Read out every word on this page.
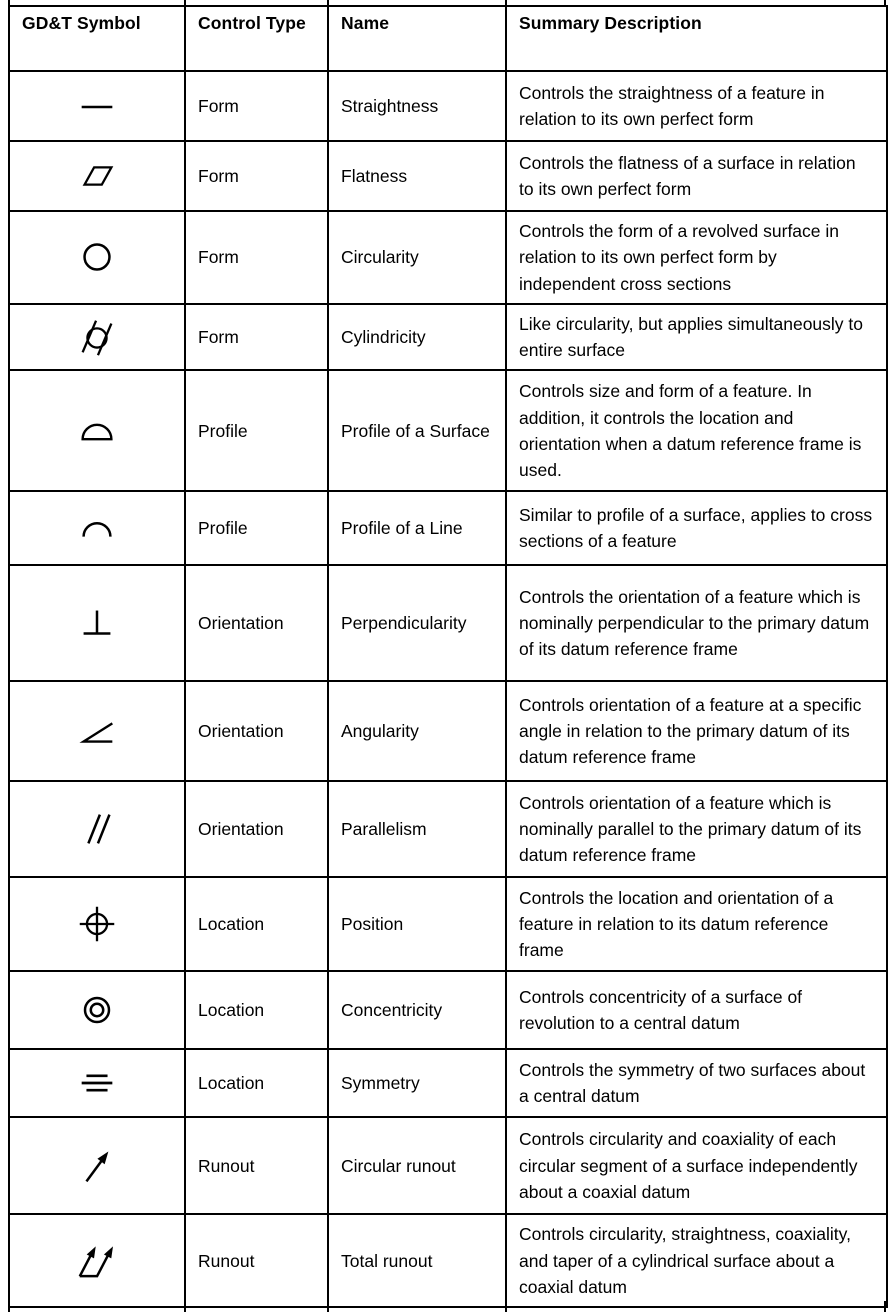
GD&T Symbol	Control Type	Name	Summary Description

	Form	Straightness	Controls the straightness of a feature in relation to its own perfect form

	Form	Flatness	Controls the flatness of a surface in relation to its own perfect form

	Form	Circularity	Controls the form of a revolved surface in relation to its own perfect form by independent cross sections

	Form	Cylindricity	Like circularity, but applies simultaneously to entire surface

	Profile	Profile of a Surface	Controls size and form of a feature. In addition, it controls the location and orientation when a datum reference frame is used.

	Profile	Profile of a Line	Similar to profile of a surface, applies to cross sections of a feature

	Orientation	Perpendicularity	Controls the orientation of a feature which is nominally perpendicular to the primary datum of its datum reference frame

	Orientation	Angularity	Controls orientation of a feature at a specific angle in relation to the primary datum of its datum reference frame

	Orientation	Parallelism	Controls orientation of a feature which is nominally parallel to the primary datum of its datum reference frame

	Location	Position	Controls the location and orientation of a feature in relation to its datum reference frame

	Location	Concentricity	Controls concentricity of a surface of revolution to a central datum

	Location	Symmetry	Controls the symmetry of two surfaces about a central datum

	Runout	Circular runout	Controls circularity and coaxiality of each circular segment of a surface independently about a coaxial datum

	Runout	Total runout	Controls circularity, straightness, coaxiality, and taper of a cylindrical surface about a coaxial datum
